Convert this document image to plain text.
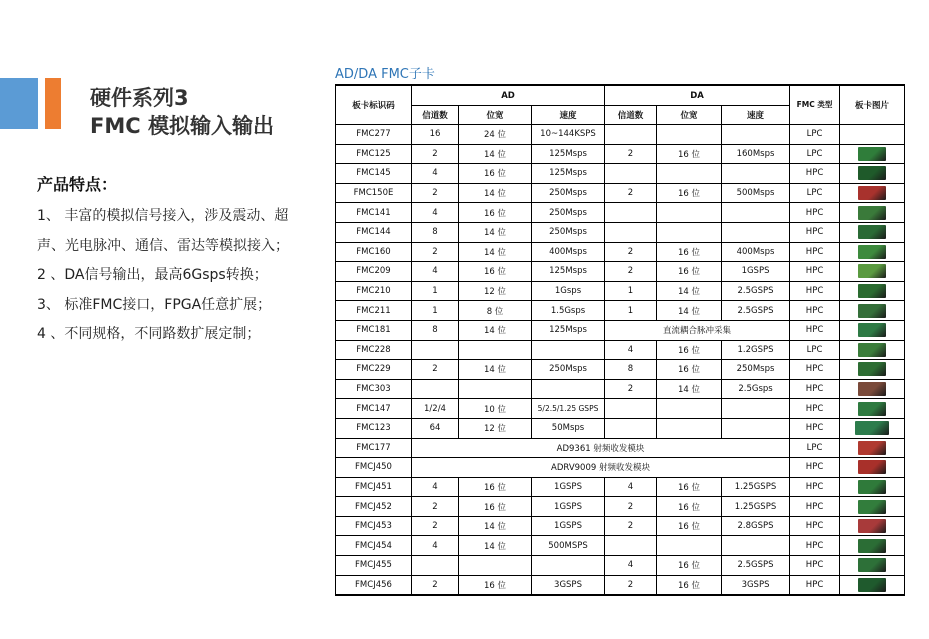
硬件系列3
FMC 模拟输入输出
产品特点：
1、 丰富的模拟信号接入，涉及震动、超
声、光电脉冲、通信、雷达等模拟接入；
2 、DA信号输出，最高6Gsps转换；
3、 标准FMC接口，FPGA任意扩展；
4 、不同规格，不同路数扩展定制；
AD/DA FMC子卡
板卡标识码	AD			DA			FMC 类型	板卡图片
	信道数	位宽	速度	信道数	位宽	速度		
FMC277	16	24 位	10~144KSPS				LPC	
FMC125	2	14 位	125Msps	2	16 位	160Msps	LPC	
FMC145	4	16 位	125Msps				HPC	
FMC150E	2	14 位	250Msps	2	16 位	500Msps	LPC	
FMC141	4	16 位	250Msps				HPC	
FMC144	8	14 位	250Msps				HPC	
FMC160	2	14 位	400Msps	2	16 位	400Msps	HPC	
FMC209	4	16 位	125Msps	2	16 位	1GSPS	HPC	
FMC210	1	12 位	1Gsps	1	14 位	2.5GSPS	HPC	
FMC211	1	8 位	1.5Gsps	1	14 位	2.5GSPS	HPC	
FMC181	8	14 位	125Msps	直流耦合脉冲采集			HPC	
FMC228				4	16 位	1.2GSPS	LPC	
FMC229	2	14 位	250Msps	8	16 位	250Msps	HPC	
FMC303				2	14 位	2.5Gsps	HPC	
FMC147	1/2/4	10 位	5/2.5/1.25 GSPS				HPC	
FMC123	64	12 位	50Msps				HPC	
FMC177	AD9361 射频收发模块						LPC	
FMCJ450	ADRV9009 射频收发模块						HPC	
FMCJ451	4	16 位	1GSPS	4	16 位	1.25GSPS	HPC	
FMCJ452	2	16 位	1GSPS	2	16 位	1.25GSPS	HPC	
FMCJ453	2	14 位	1GSPS	2	16 位	2.8GSPS	HPC	
FMCJ454	4	14 位	500MSPS				HPC	
FMCJ455				4	16 位	2.5GSPS	HPC	
FMCJ456	2	16 位	3GSPS	2	16 位	3GSPS	HPC	
